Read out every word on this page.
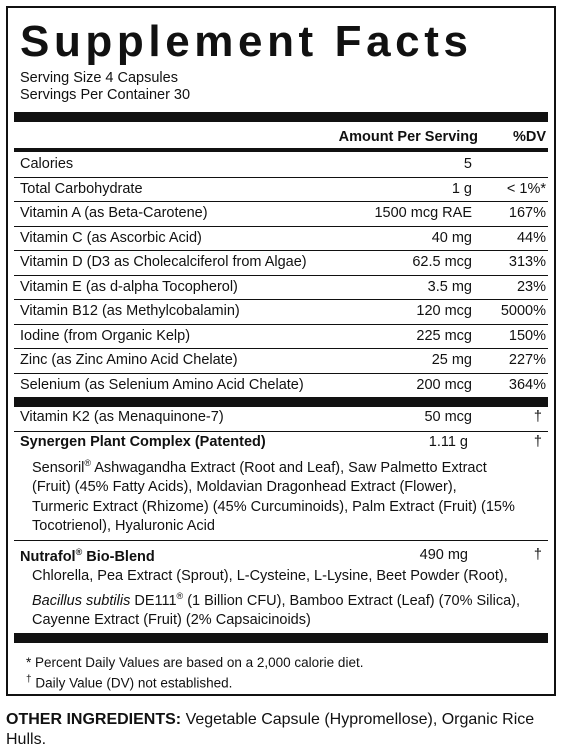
Supplement Facts
Serving Size 4 Capsules
Servings Per Container 30
Amount Per Serving %DV
Calories	5
Total Carbohydrate	1 g < 1%*
Vitamin A (as Beta-Carotene)	1500 mcg RAE	167%
Vitamin C (as Ascorbic Acid)	40 mg	44%
Vitamin D (D3 as Cholecalciferol from Algae)	62.5 mcg	313%
Vitamin E (as d-alpha Tocopherol)	3.5 mg	23%
Vitamin B12 (as Methylcobalamin)	120 mcg 5000%
Iodine (from Organic Kelp)	225 mcg	150%
Zinc (as Zinc Amino Acid Chelate)	25 mg	227%
Selenium (as Selenium Amino Acid Chelate)	200 mcg	364%
Vitamin K2 (as Menaquinone-7)	50 mcg	†
Synergen Plant Complex (Patented)	1.11 g	†
Sensoril® Ashwagandha Extract (Root and Leaf), Saw Palmetto Extract
(Fruit) (45% Fatty Acids), Moldavian Dragonhead Extract (Flower),
Turmeric Extract (Rhizome) (45% Curcuminoids), Palm Extract (Fruit) (15%
Tocotrienol), Hyaluronic Acid
Nutrafol® Bio-Blend	490 mg	†
Chlorella, Pea Extract (Sprout), L-Cysteine, L-Lysine, Beet Powder (Root),
Bacillus subtilis DE111® (1 Billion CFU), Bamboo Extract (Leaf) (70% Silica),
Cayenne Extract (Fruit) (2% Capsaicinoids)
* Percent Daily Values are based on a 2,000 calorie diet.
† Daily Value (DV) not established.
OTHER INGREDIENTS: Vegetable Capsule (Hypromellose), Organic Rice Hulls.
